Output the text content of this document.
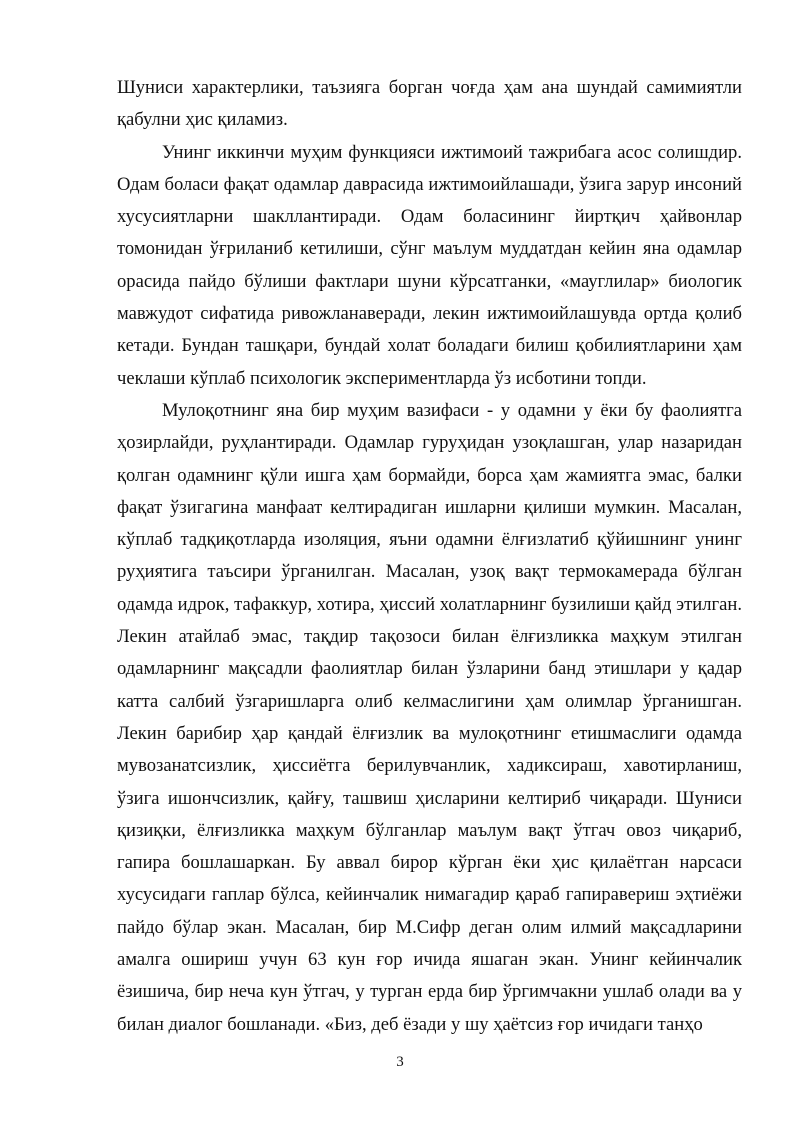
Шуниси характерлики, таъзияга борган чоғда ҳам ана шундай самимиятли қабулни ҳис қиламиз.

Унинг иккинчи муҳим функцияси ижтимоий тажрибага асос солишдир. Одам боласи фақат одамлар даврасида ижтимоийлашади, ўзига зарур инсоний хусусиятларни шакллантиради. Одам боласининг йиртқич ҳайвонлар томонидан ўғриланиб кетилиши, сўнг маълум муддатдан кейин яна одамлар орасида пайдо бўлиши фактлари шуни кўрсатганки, «мауглилар» биологик мавжудот сифатида ривожланаверади, лекин ижтимоийлашувда ортда қолиб кетади. Бундан ташқари, бундай холат боладаги билиш қобилиятларини ҳам чеклаши кўплаб психологик экспериментларда ўз исботини топди.

Мулоқотнинг яна бир муҳим вазифаси - у одамни у ёки бу фаолиятга ҳозирлайди, руҳлантиради. Одамлар гуруҳидан узоқлашган, улар назаридан қолган одамнинг қўли ишга ҳам бормайди, борса ҳам жамиятга эмас, балки фақат ўзигагина манфаат келтирадиган ишларни қилиши мумкин. Масалан, кўплаб тадқиқотларда изоляция, яъни одамни ёлғизлатиб қўйишнинг унинг руҳиятига таъсири ўрганилган. Масалан, узоқ вақт термокамерада бўлган одамда идрок, тафаккур, хотира, ҳиссий холатларнинг бузилиши қайд этилган. Лекин атайлаб эмас, тақдир тақозоси билан ёлғизликка маҳкум этилган одамларнинг мақсадли фаолиятлар билан ўзларини банд этишлари у қадар катта салбий ўзгаришларга олиб келмаслигини ҳам олимлар ўрганишган. Лекин барибир ҳар қандай ёлғизлик ва мулоқотнинг етишмаслиги одамда мувозанатсизлик, ҳиссиётга берилувчанлик, хадиксираш, хавотирланиш, ўзига ишончсизлик, қайғу, ташвиш ҳисларини келтириб чиқаради. Шуниси қизиқки, ёлғизликка маҳкум бўлганлар маълум вақт ўтгач овоз чиқариб, гапира бошлашаркан. Бу аввал бирор кўрган ёки ҳис қилаётган нарсаси хусусидаги гаплар бўлса, кейинчалик нимагадир қараб гапиравериш эҳтиёжи пайдо бўлар экан. Масалан, бир М.Сифр деган олим илмий мақсадларини амалга ошириш учун 63 кун ғор ичида яшаган экан. Унинг кейинчалик ёзишича, бир неча кун ўтгач, у турган ерда бир ўргимчакни ушлаб олади ва у билан диалог бошланади. «Биз, деб ёзади у шу ҳаётсиз ғор ичидаги танҳо

3
